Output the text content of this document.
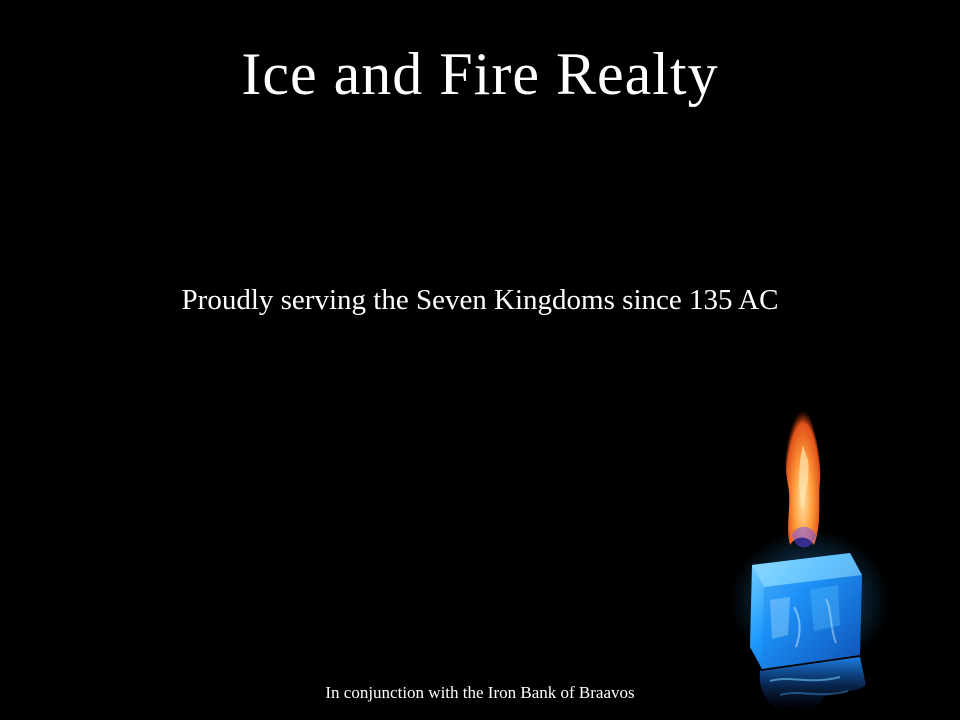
Ice and Fire Realty
Proudly serving the Seven Kingdoms since 135 AC
In conjunction with the Iron Bank of Braavos
